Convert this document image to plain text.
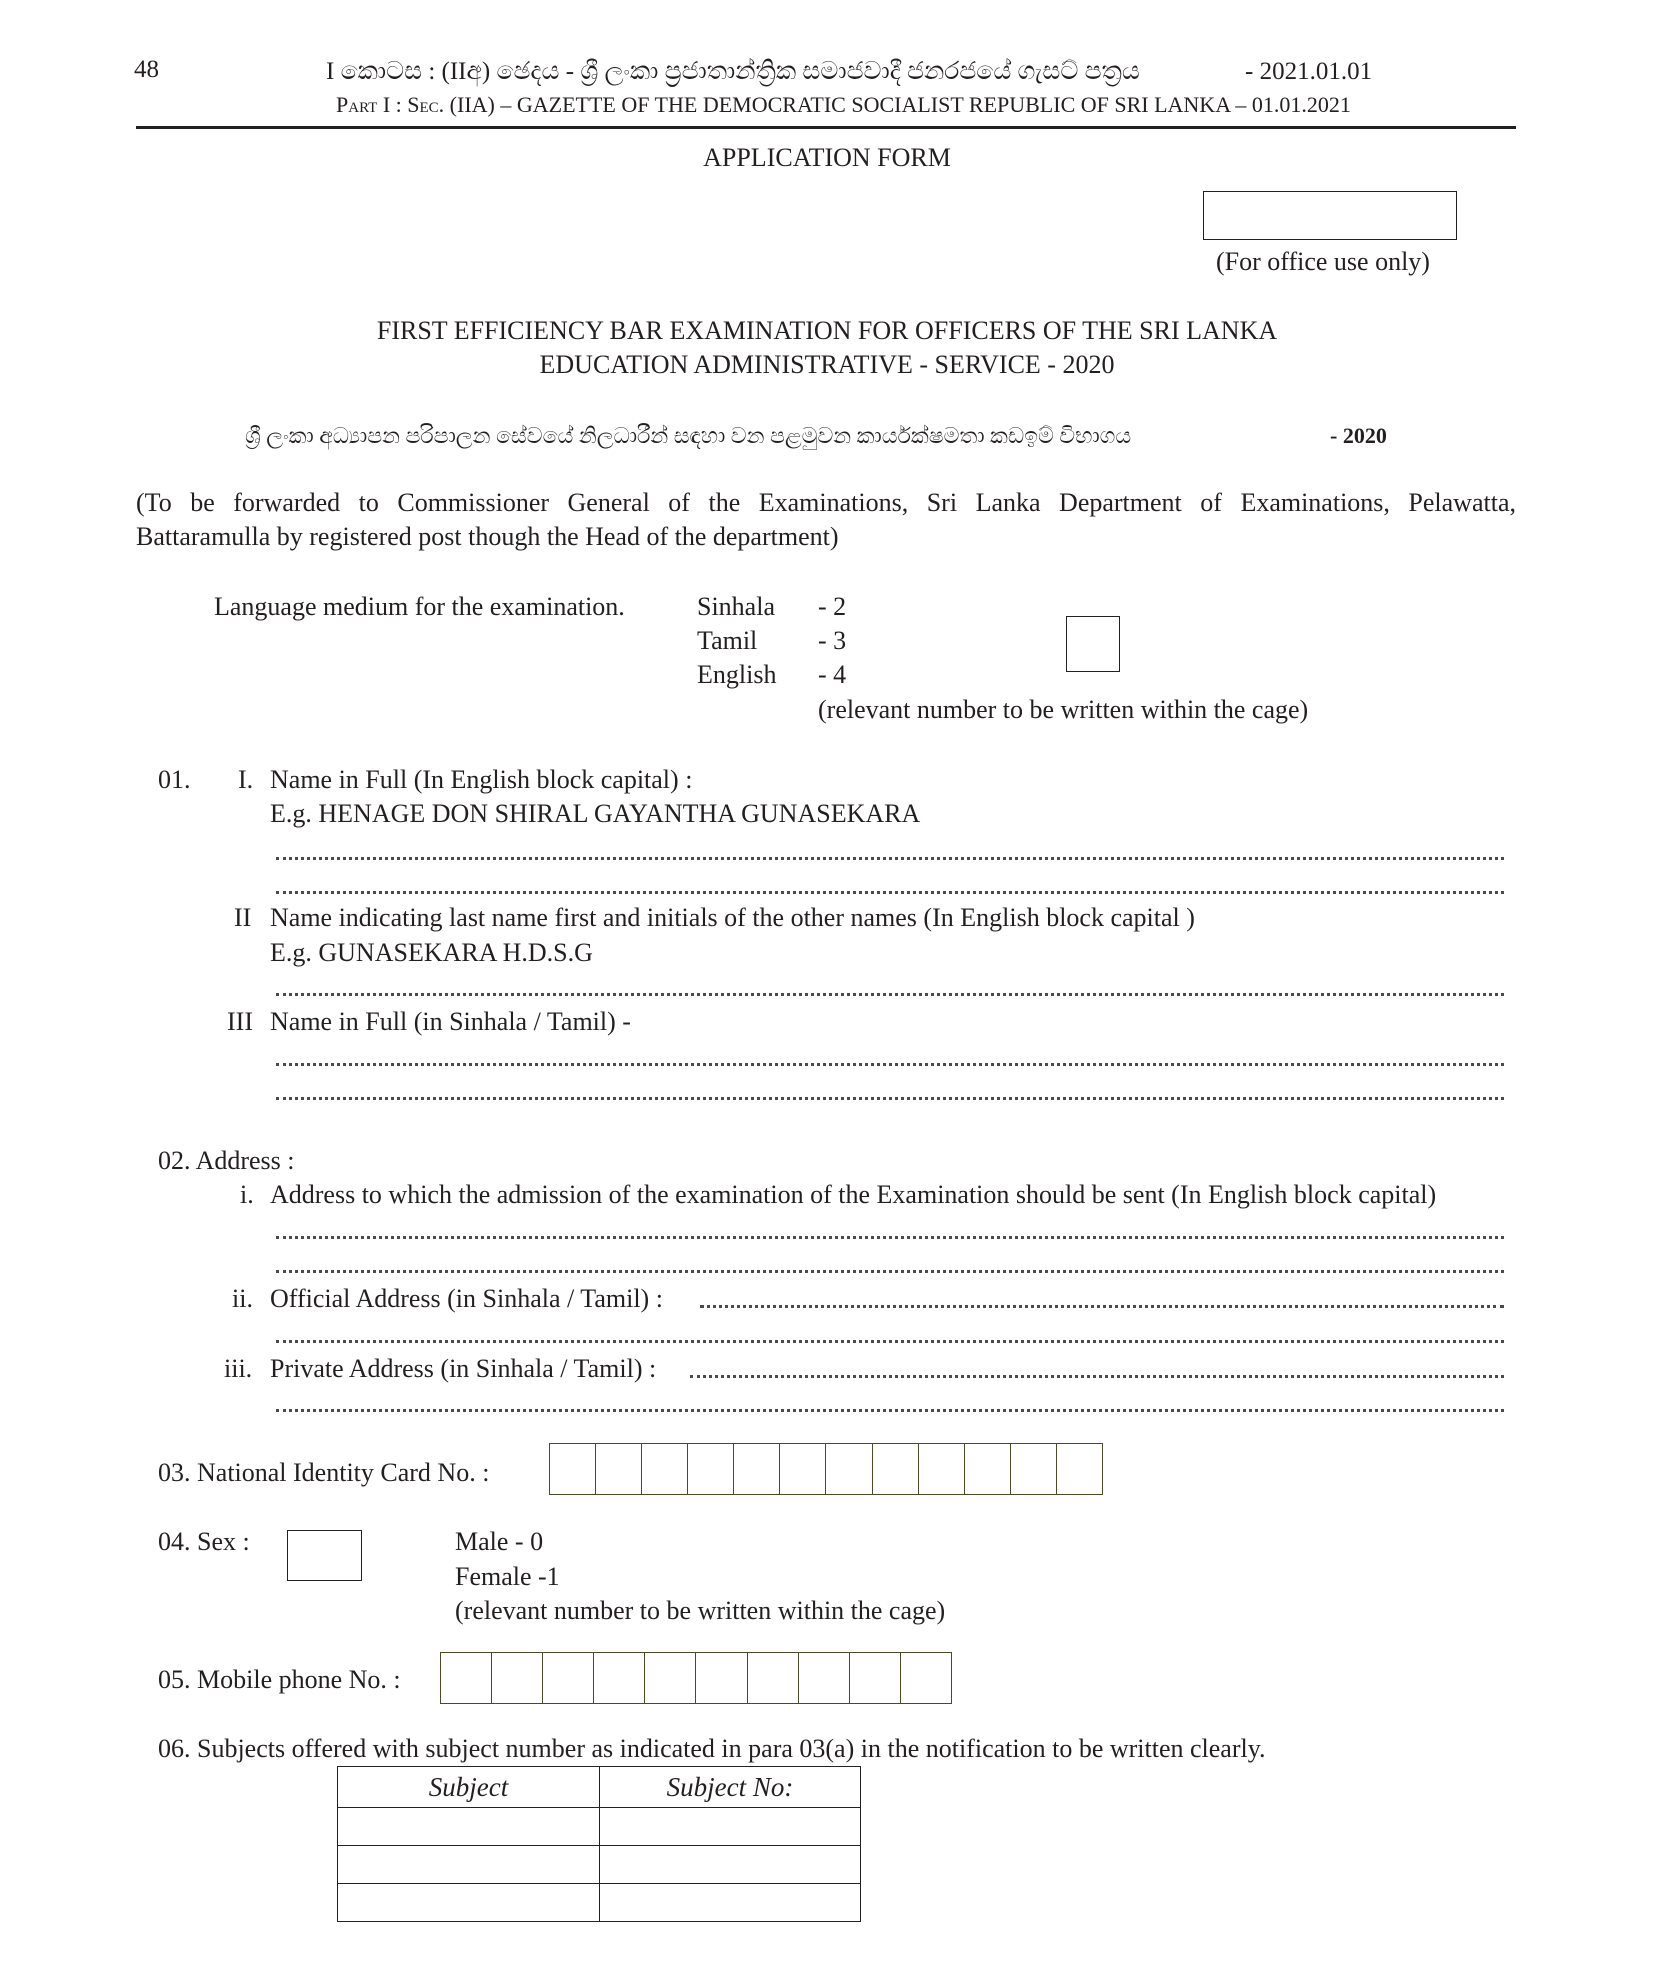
48	I කොටස : (IIඅ) ඡෙදය - ශ්‍රී ලංකා ප්‍රජාතාන්ත්‍රික සමාජවාදී ජනරජයේ ගැසට් පත්‍රය	- 2021.01.01
Part I : Sec. (IIA) – GAZETTE OF THE DEMOCRATIC SOCIALIST REPUBLIC OF SRI LANKA – 01.01.2021
APPLICATION FORM
(For office use only)
FIRST EFFICIENCY BAR EXAMINATION FOR OFFICERS OF THE SRI LANKA
EDUCATION ADMINISTRATIVE - SERVICE - 2020
ශ්‍රී ලංකා අධ්‍යාපන පරිපාලන සේවයේ නිලධාරීන් සඳහා වන පළමුවන කාර්යක්ෂමතා කඩඉම් විභාගය	- 2020
(To be forwarded to Commissioner General of the Examinations, Sri Lanka Department of Examinations, Pelawatta,
Battaramulla by registered post though the Head of the department)
Language medium for the examination.	Sinhala - 2
Tamil - 3
English - 4
(relevant number to be written within the cage)
01. I. Name in Full (In English block capital) :
E.g. HENAGE DON SHIRAL GAYANTHA GUNASEKARA
II Name indicating last name first and initials of the other names (In English block capital )
E.g. GUNASEKARA H.D.S.G
III Name in Full (in Sinhala / Tamil) -
02. Address :
i. Address to which the admission of the examination of the Examination should be sent (In English block capital)
ii. Official Address (in Sinhala / Tamil) :
iii. Private Address (in Sinhala / Tamil) :
03. National Identity Card No. :
04. Sex :	Male - 0
Female -1
(relevant number to be written within the cage)
05. Mobile phone No. :
06. Subjects offered with subject number as indicated in para 03(a) in the notification to be written clearly.
Subject	Subject No:
